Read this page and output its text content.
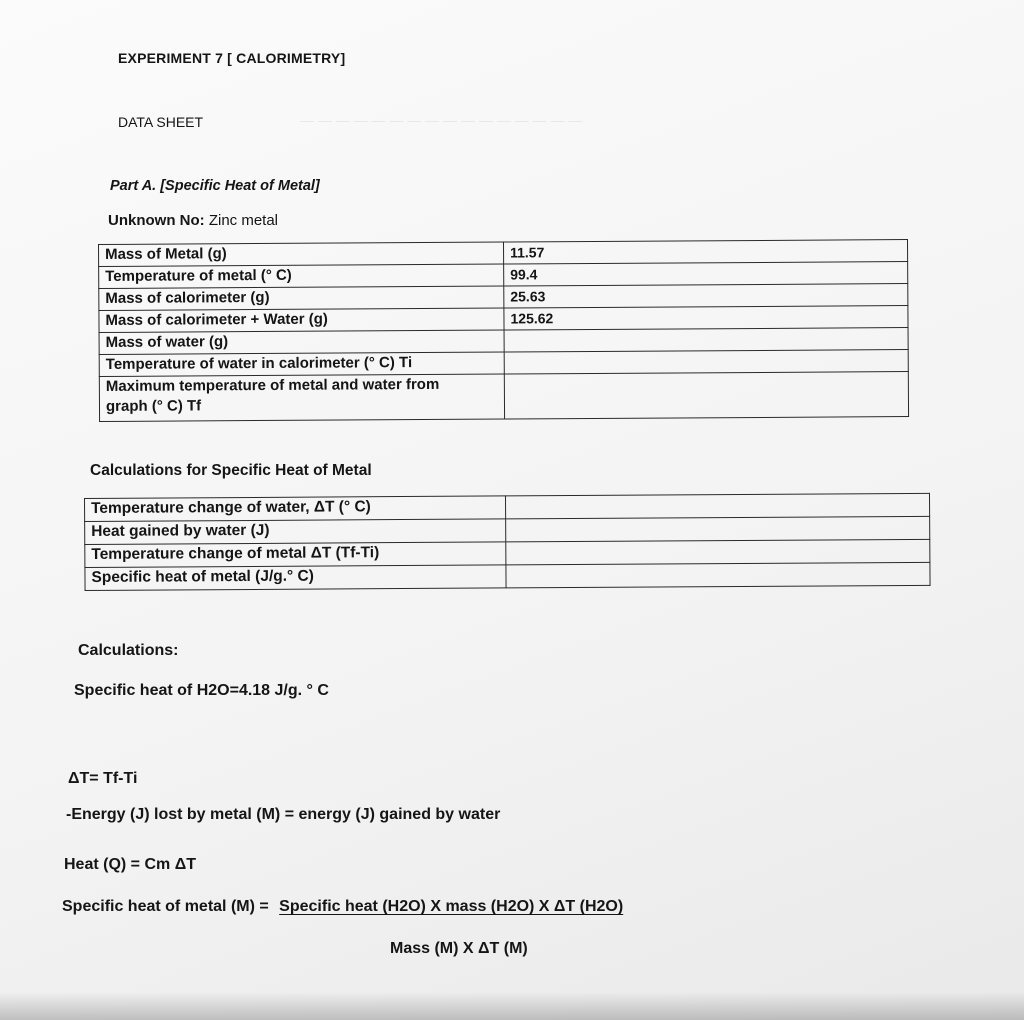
— — — — — — — — — — — — — — — —
EXPERIMENT 7 [ CALORIMETRY]
DATA SHEET
Part A. [Specific Heat of Metal]
Unknown No: Zinc metal
Mass of Metal (g)	11.57
Temperature of metal (° C)	99.4
Mass of calorimeter (g)	25.63
Mass of calorimeter + Water (g)	125.62
Mass of water (g)	
Temperature of water in calorimeter (° C) Ti	

Maximum temperature of metal and water from
graph (° C) Tf	

Calculations for Specific Heat of Metal
Temperature change of water, ΔT (° C)	
Heat gained by water (J)	
Temperature change of metal ΔT (Tf-Ti)	
Specific heat of metal (J/g.° C)	
Calculations:
Specific heat of H2O=4.18 J/g. ° C
ΔT= Tf-Ti
-Energy (J) lost by metal (M) = energy (J) gained by water
Heat (Q) = Cm ΔT
Specific heat of metal (M) = Specific heat (H2O) X mass (H2O) X ΔT (H2O)
Mass (M) X ΔT (M)
